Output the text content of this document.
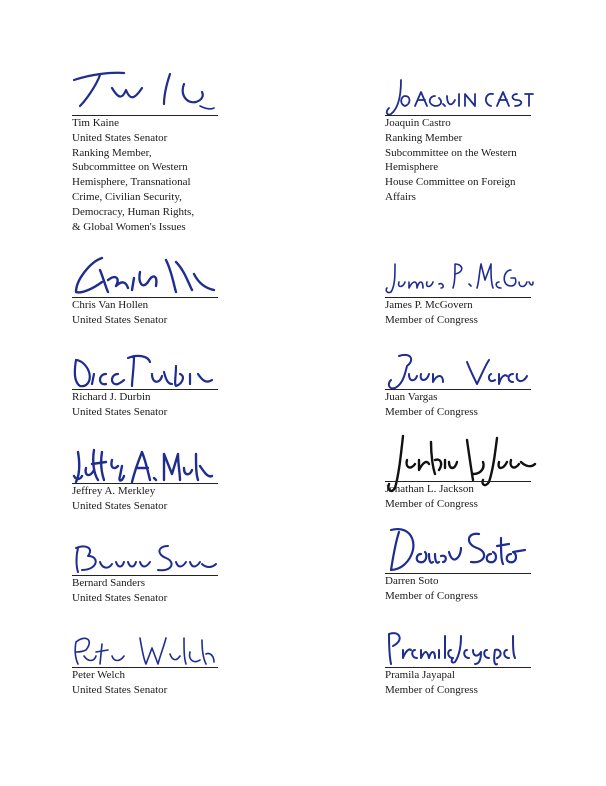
Tim Kaine
United States Senator
Ranking Member,
Subcommittee on Western
Hemisphere, Transnational
Crime, Civilian Security,
Democracy, Human Rights,
& Global Women's Issues
Chris Van Hollen
United States Senator
Richard J. Durbin
United States Senator
Jeffrey A. Merkley
United States Senator
Bernard Sanders
United States Senator
Peter Welch
United States Senator
Joaquin Castro
Ranking Member
Subcommittee on the Western
Hemisphere
House Committee on Foreign
Affairs
James P. McGovern
Member of Congress
Juan Vargas
Member of Congress
Jonathan L. Jackson
Member of Congress
Darren Soto
Member of Congress
Pramila Jayapal
Member of Congress
